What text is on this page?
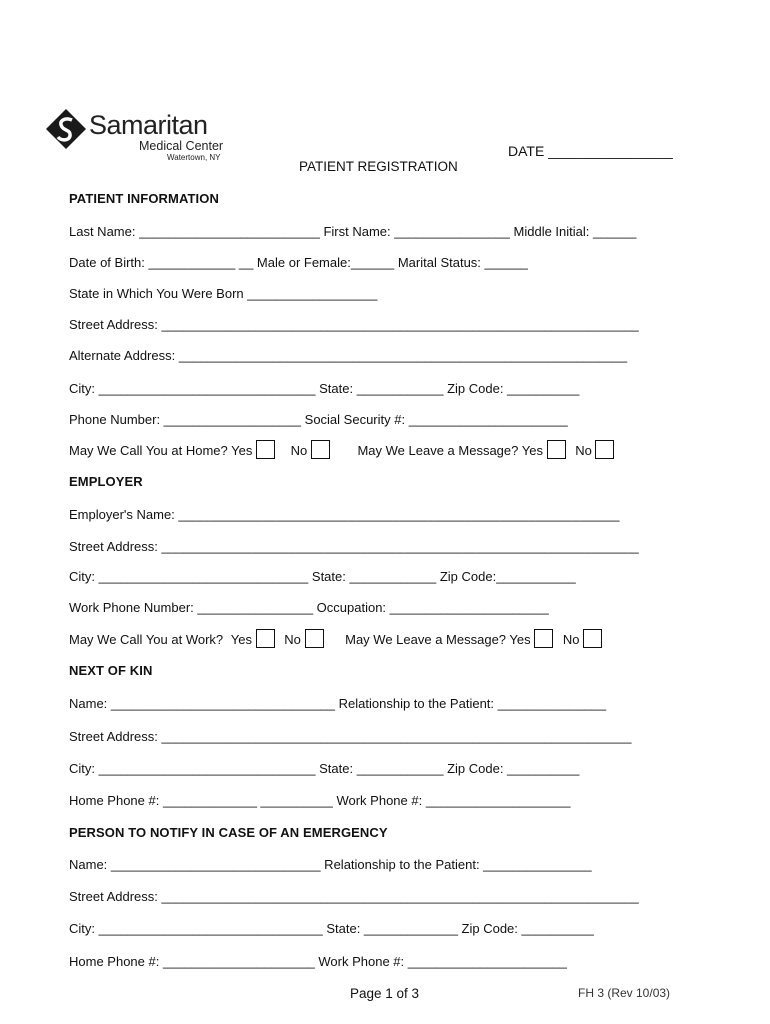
Samaritan
Medical Center
Watertown, NY	DATE ________________
PATIENT REGISTRATION
PATIENT INFORMATION
Last Name: _________________________ First Name: ________________ Middle Initial: ______
Date of Birth: ____________ __ Male or Female:______ Marital Status: ______
State in Which You Were Born __________________
Street Address: __________________________________________________________________
Alternate Address: ______________________________________________________________
City: ______________________________ State: ____________ Zip Code: __________
Phone Number: ___________________ Social Security #: ______________________
May We Call You at Home? Yes	No	May We Leave a Message? Yes No
EMPLOYER
Employer's Name: _____________________________________________________________
Street Address: __________________________________________________________________
City: _____________________________ State: ____________ Zip Code:___________
Work Phone Number: ________________ Occupation: ______________________
May We Call You at Work? Yes No	May We Leave a Message? Yes No
NEXT OF KIN
Name: _______________________________ Relationship to the Patient: _______________
Street Address: _________________________________________________________________
City: ______________________________ State: ____________ Zip Code: __________
Home Phone #: _____________ __________ Work Phone #: ____________________
PERSON TO NOTIFY IN CASE OF AN EMERGENCY
Name: _____________________________ Relationship to the Patient: _______________
Street Address: __________________________________________________________________
City: _______________________________ State: _____________ Zip Code: __________
Home Phone #: _____________________ Work Phone #: ______________________
Page 1 of 3	FH 3 (Rev 10/03)
